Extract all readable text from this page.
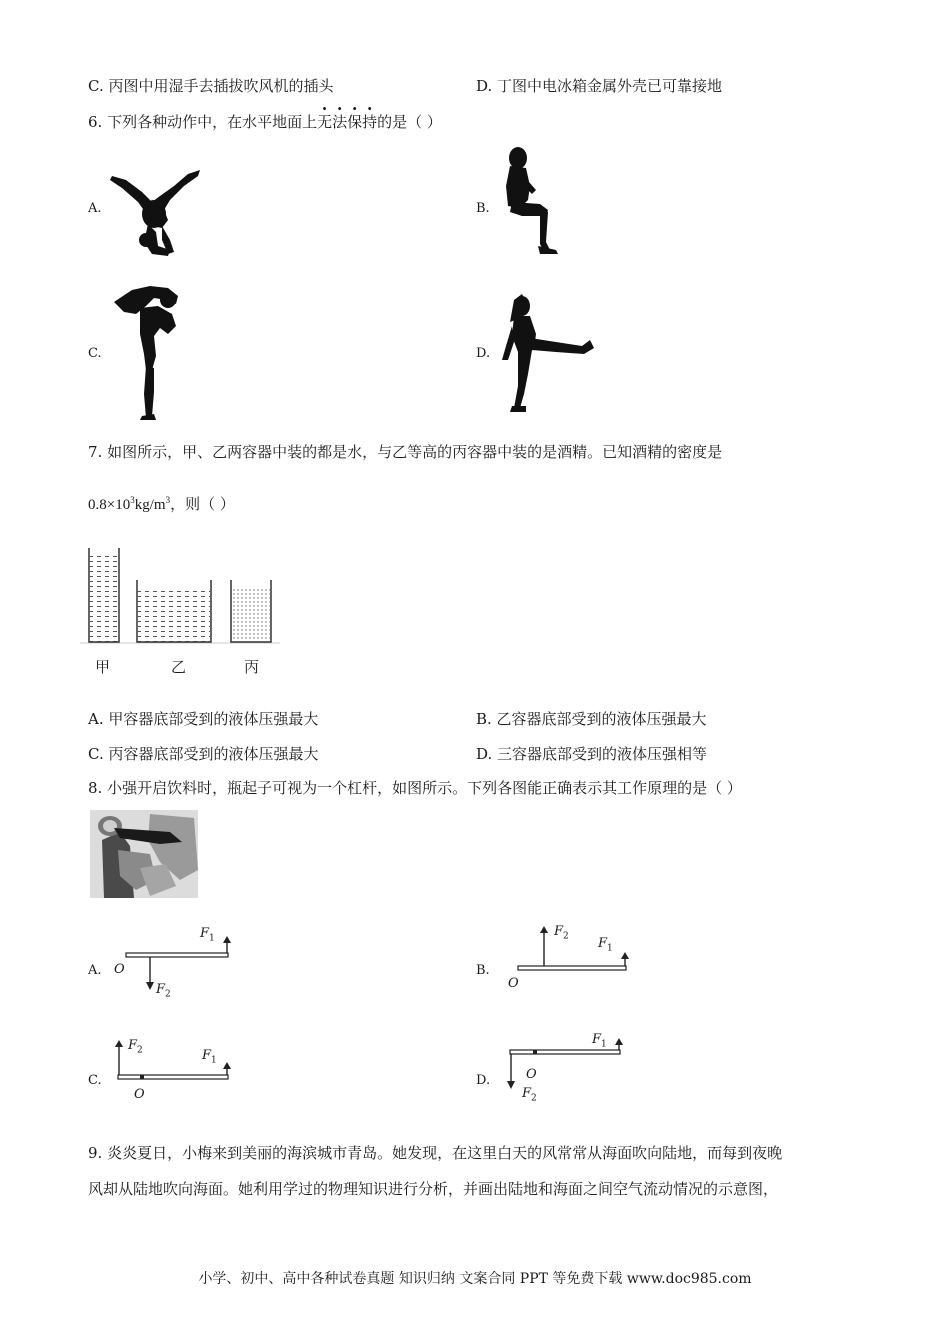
C. 丙图中用湿手去插拔吹风机的插头	D. 丁图中电冰箱金属外壳已可靠接地
6. 下列各种动作中，在水平地面上无法保持的是（ ）
A.	B.
C.	D.
7. 如图所示，甲、乙两容器中装的都是水，与乙等高的丙容器中装的是酒精。已知酒精的密度是
$0.8\times 10^3kg/m^3$，则（ ）
甲	乙	丙
A. 甲容器底部受到的液体压强最大	B. 乙容器底部受到的液体压强最大
C. 丙容器底部受到的液体压强最大	D. 三容器底部受到的液体压强相等
8. 小强开启饮料时，瓶起子可视为一个杠杆，如图所示。下列各图能正确表示其工作原理的是（ ）
A.	B.
C.	D.
$F_1$
O
$F_2$
$F_2$ $F_1$
O
$F_2$	$F_1$
O
$F_1$
O
$F_2$
9. 炎炎夏日，小梅来到美丽的海滨城市青岛。她发现，在这里白天的风常常从海面吹向陆地，而每到夜晚
风却从陆地吹向海面。她利用学过的物理知识进行分析，并画出陆地和海面之间空气流动情况的示意图，
小学、初中、高中各种试卷真题 知识归纳 文案合同 PPT 等免费下载 www.doc985.com
